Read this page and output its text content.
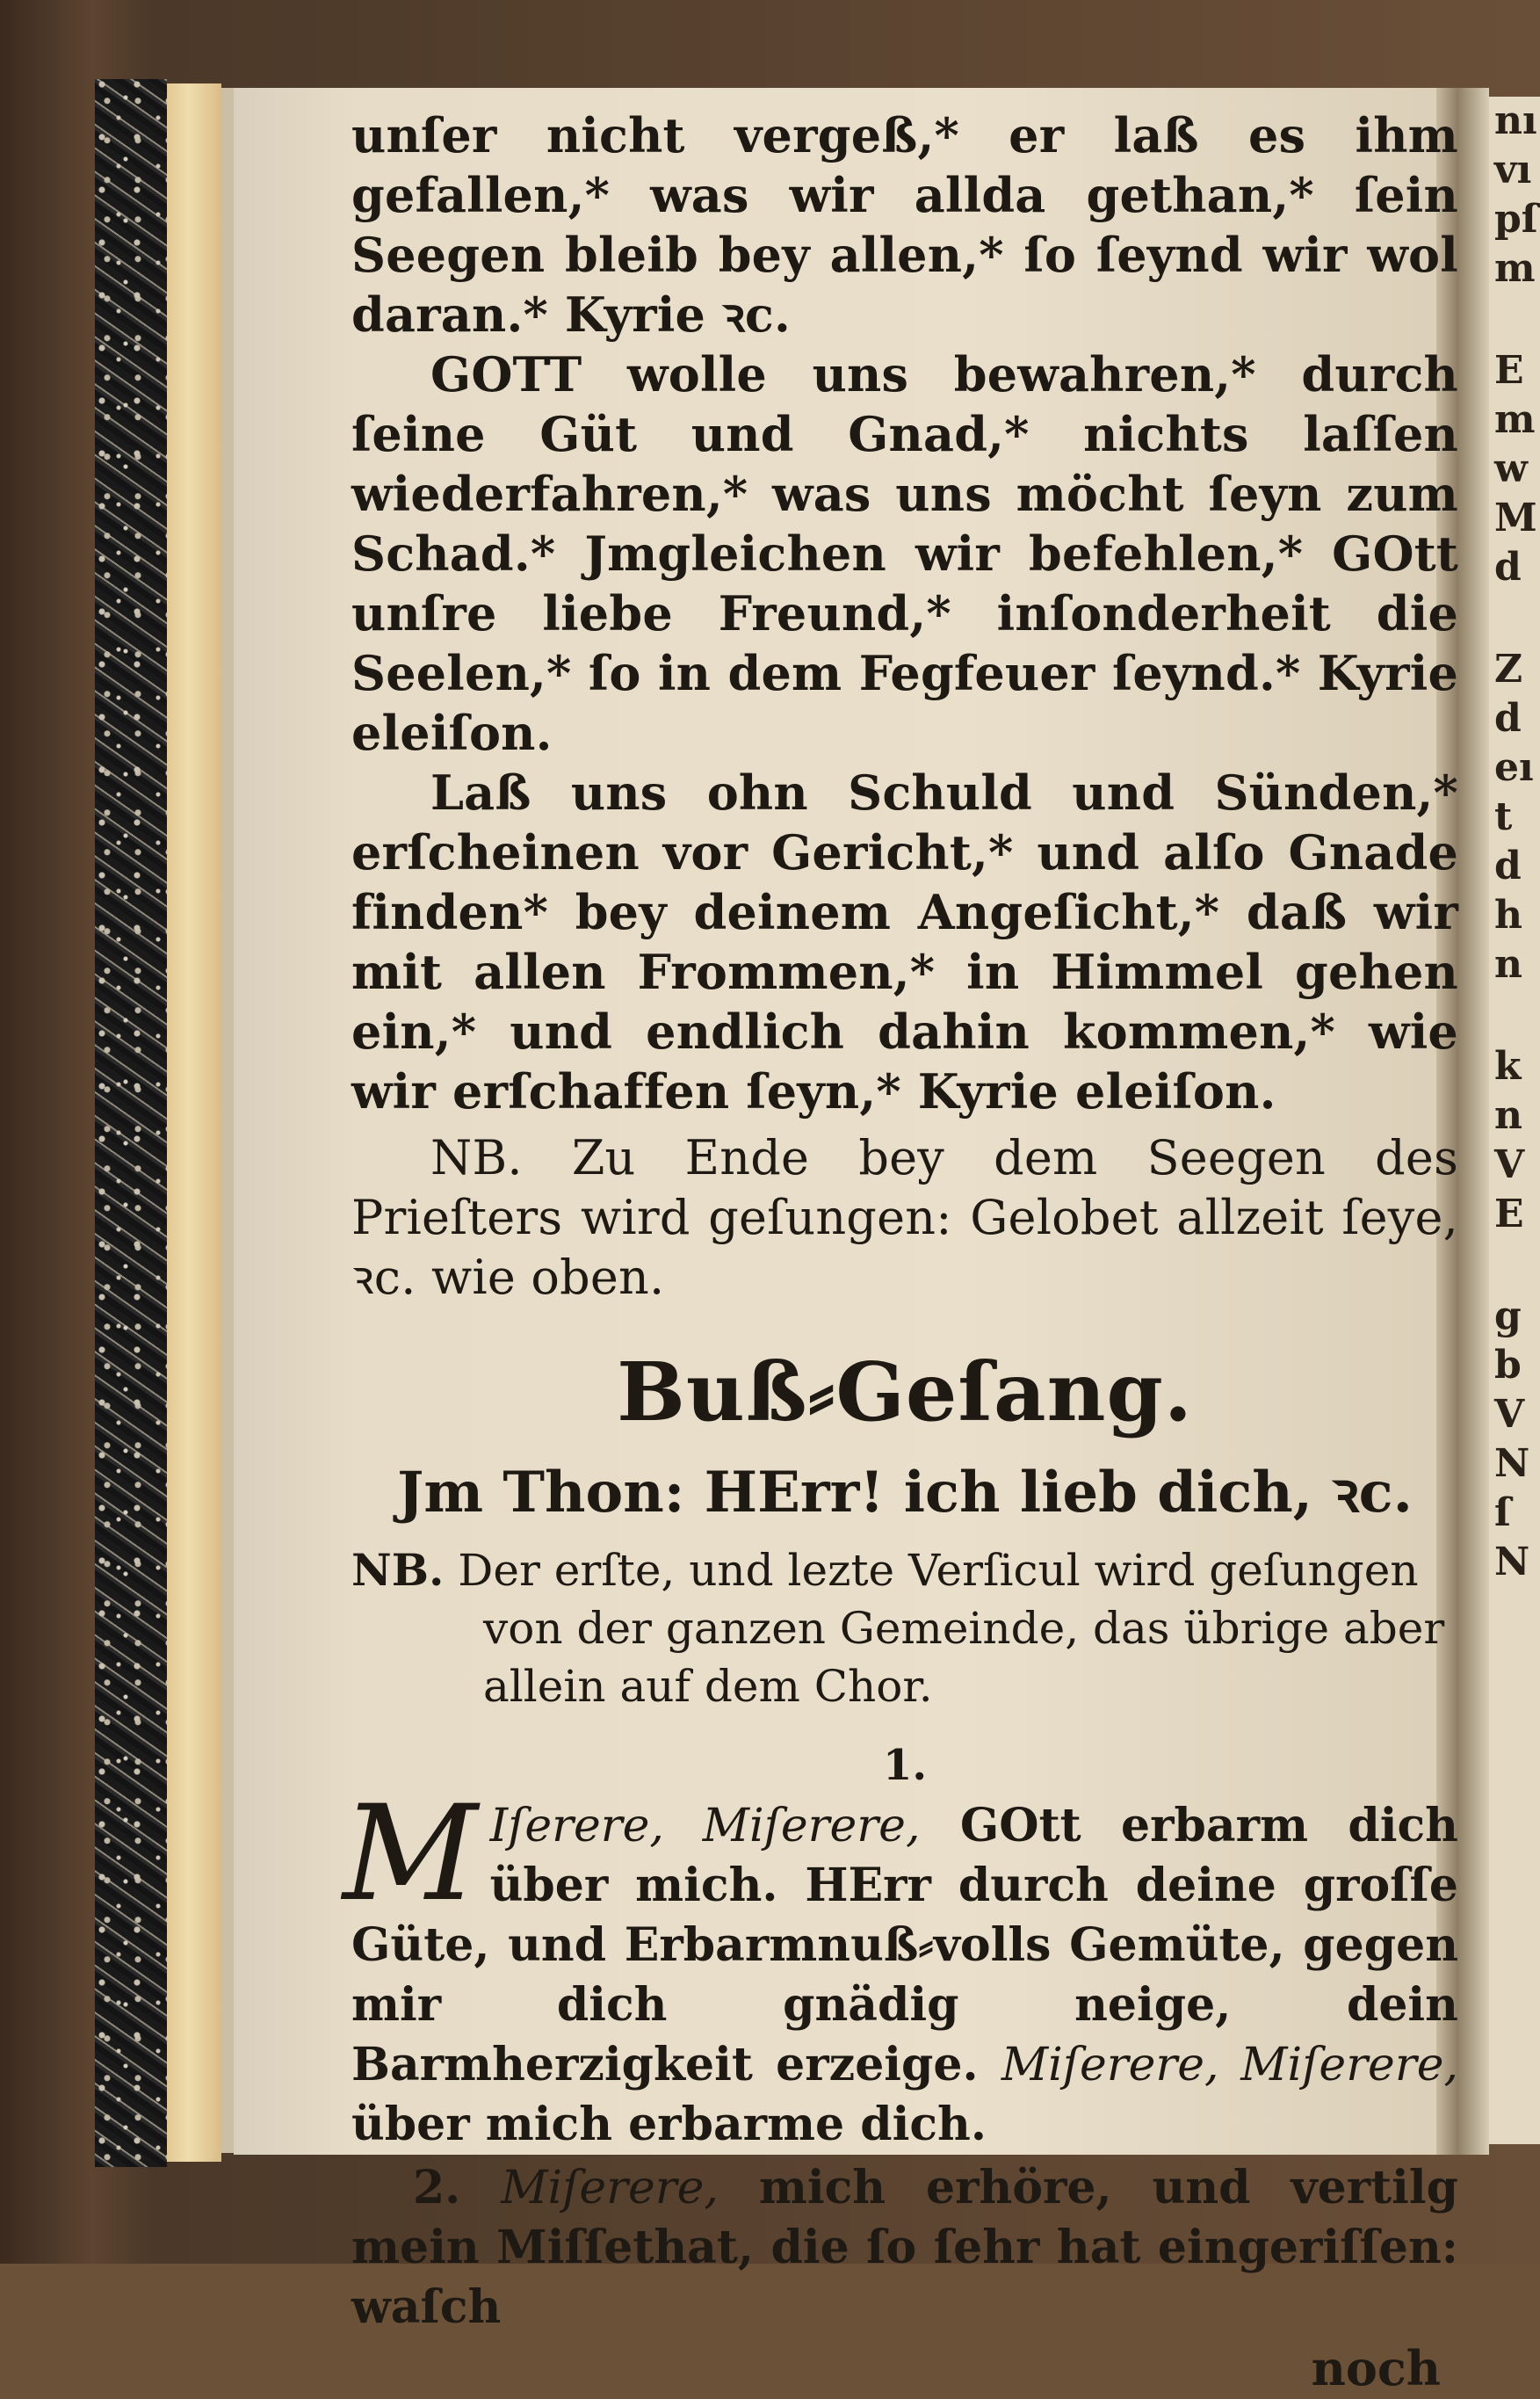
nı
vı
pſ
m
E
m
w
M
d
Z
d
eı
t
d
h
n
k
n
V
E
g
b
V
N
ſ
N

unſer nicht vergeß,* er laß es ihm gefallen,* was wir allda gethan,* ſein Seegen bleib bey allen,* ſo ſeynd wir wol daran.* Kyrie ꝛc.

GOTT wolle uns bewahren,* durch ſeine Güt und Gnad,* nichts laſſen wiederfahren,* was uns möcht ſeyn zum Schad.* Jmgleichen wir befehlen,* GOtt unſre liebe Freund,* inſonderheit die Seelen,* ſo in dem Fegfeuer ſeynd.* Kyrie eleiſon.

Laß uns ohn Schuld und Sünden,* erſcheinen vor Gericht,* und alſo Gnade finden* bey deinem Angeſicht,* daß wir mit allen Frommen,* in Himmel gehen ein,* und endlich dahin kommen,* wie wir erſchaffen ſeyn,* Kyrie eleiſon.

NB. Zu Ende bey dem Seegen des Prieſters wird geſungen: Gelobet allzeit ſeye, ꝛc. wie oben.

Buß⸗Geſang.
Jm Thon: HErr! ich lieb dich, ꝛc.

NB. Der erſte, und lezte Verſicul wird geſungen von der ganzen Gemeinde, das übrige aber allein auf dem Chor.

1.

M Iſerere, Miſerere, GOtt erbarm dich über mich. HErr durch deine groſſe Güte, und Erbarmnuß⸗volls Gemüte, gegen mir dich gnädig neige, dein Barmherzigkeit erzeige. Miſerere, Miſerere, über mich erbarme dich.

2. Miſerere, mich erhöre, und vertilg mein Miſſethat, die ſo ſehr hat eingeriſſen: waſch

noch
